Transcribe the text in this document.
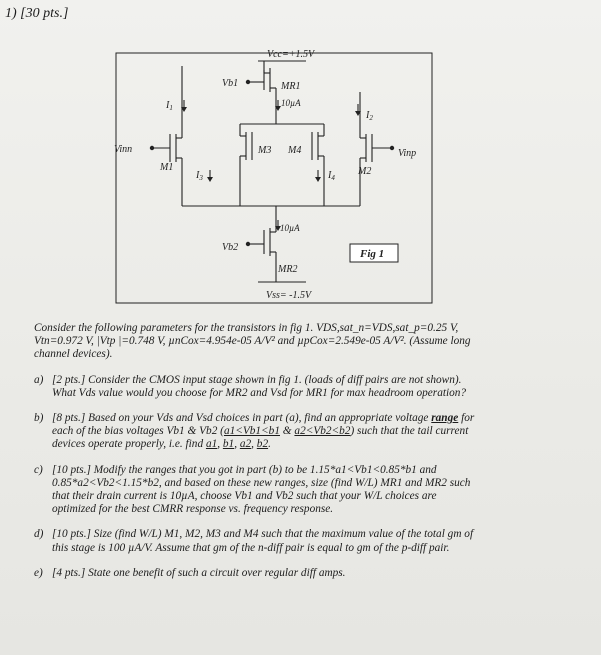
1) [30 pts.]
Vcc=+1.5V
Vb1	MR1
10µA
M3 M4
$I_1$
Vinn
M1
$I_3$
$I_2$
Vinp
M2
$I_4$
10µA
Vb2
MR2
Vss= -1.5V
Fig 1
Consider the following parameters for the transistors in fig 1. VDS,sat_n=VDS,sat_p=0.25 V,
Vtn=0.972 V, |Vtp |=0.748 V, µnCox=4.954e-05 A/V² and µpCox=2.549e-05 A/V². (Assume long
channel devices).
a) [2 pts.] Consider the CMOS input stage shown in fig 1. (loads of diff pairs are not shown).
What Vds value would you choose for MR2 and Vsd for MR1 for max headroom operation?
b) [8 pts.] Based on your Vds and Vsd choices in part (a), find an appropriate voltage range for
each of the bias voltages Vb1 & Vb2 (a1<Vb1<b1 & a2<Vb2<b2) such that the tail current
devices operate properly, i.e. find a1, b1, a2, b2.
c) [10 pts.] Modify the ranges that you got in part (b) to be 1.15*a1<Vb1<0.85*b1 and
0.85*a2<Vb2<1.15*b2, and based on these new ranges, size (find W/L) MR1 and MR2 such
that their drain current is 10µA, choose Vb1 and Vb2 such that your W/L choices are
optimized for the best CMRR response vs. frequency response.
d) [10 pts.] Size (find W/L) M1, M2, M3 and M4 such that the maximum value of the total gm of
this stage is 100 µA/V. Assume that gm of the n-diff pair is equal to gm of the p-diff pair.
e) [4 pts.] State one benefit of such a circuit over regular diff amps.
